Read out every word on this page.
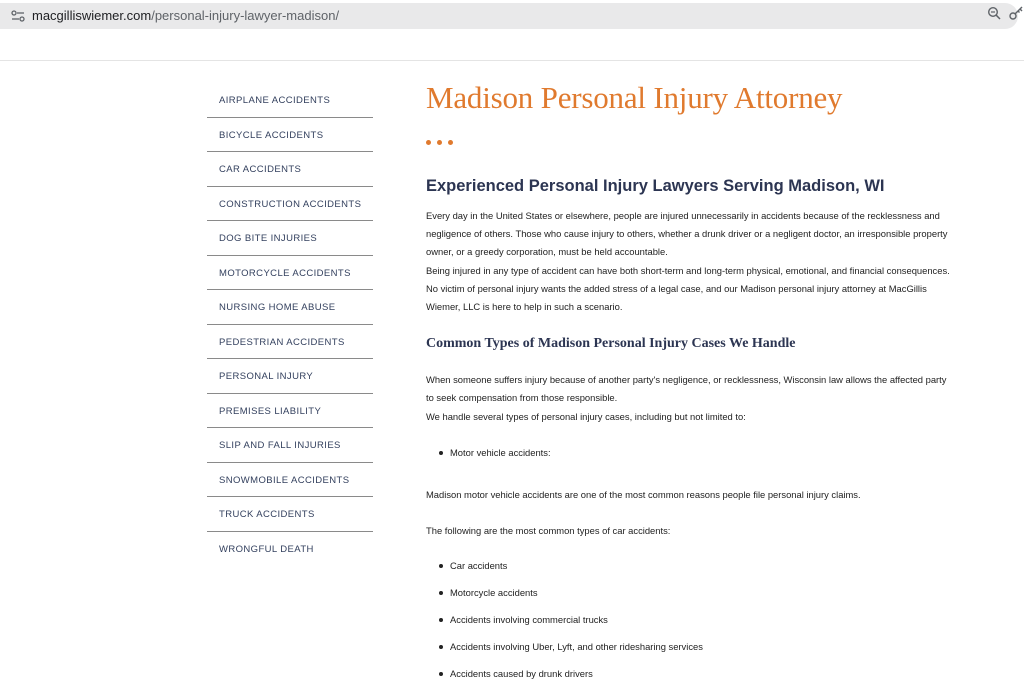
macgilliswiemer.com/personal-injury-lawyer-madison/
AIRPLANE ACCIDENTS
BICYCLE ACCIDENTS
CAR ACCIDENTS
CONSTRUCTION ACCIDENTS
DOG BITE INJURIES
MOTORCYCLE ACCIDENTS
NURSING HOME ABUSE
PEDESTRIAN ACCIDENTS
PERSONAL INJURY
PREMISES LIABILITY
SLIP AND FALL INJURIES
SNOWMOBILE ACCIDENTS
TRUCK ACCIDENTS
WRONGFUL DEATH
Madison Personal Injury Attorney
Experienced Personal Injury Lawyers Serving Madison, WI

Every day in the United States or elsewhere, people are injured unnecessarily in accidents because of the recklessness and negligence of others. Those who cause injury to others, whether a drunk driver or a negligent doctor, an irresponsible property owner, or a greedy corporation, must be held accountable.

Being injured in any type of accident can have both short-term and long-term physical, emotional, and financial consequences. No victim of personal injury wants the added stress of a legal case, and our Madison personal injury attorney at MacGillis Wiemer, LLC is here to help in such a scenario.

Common Types of Madison Personal Injury Cases We Handle

When someone suffers injury because of another party's negligence, or recklessness, Wisconsin law allows the affected party to seek compensation from those responsible.

We handle several types of personal injury cases, including but not limited to:

Motor vehicle accidents:

Madison motor vehicle accidents are one of the most common reasons people file personal injury claims.

The following are the most common types of car accidents:

Car accidents
Motorcycle accidents
Accidents involving commercial trucks
Accidents involving Uber, Lyft, and other ridesharing services
Accidents caused by drunk drivers
